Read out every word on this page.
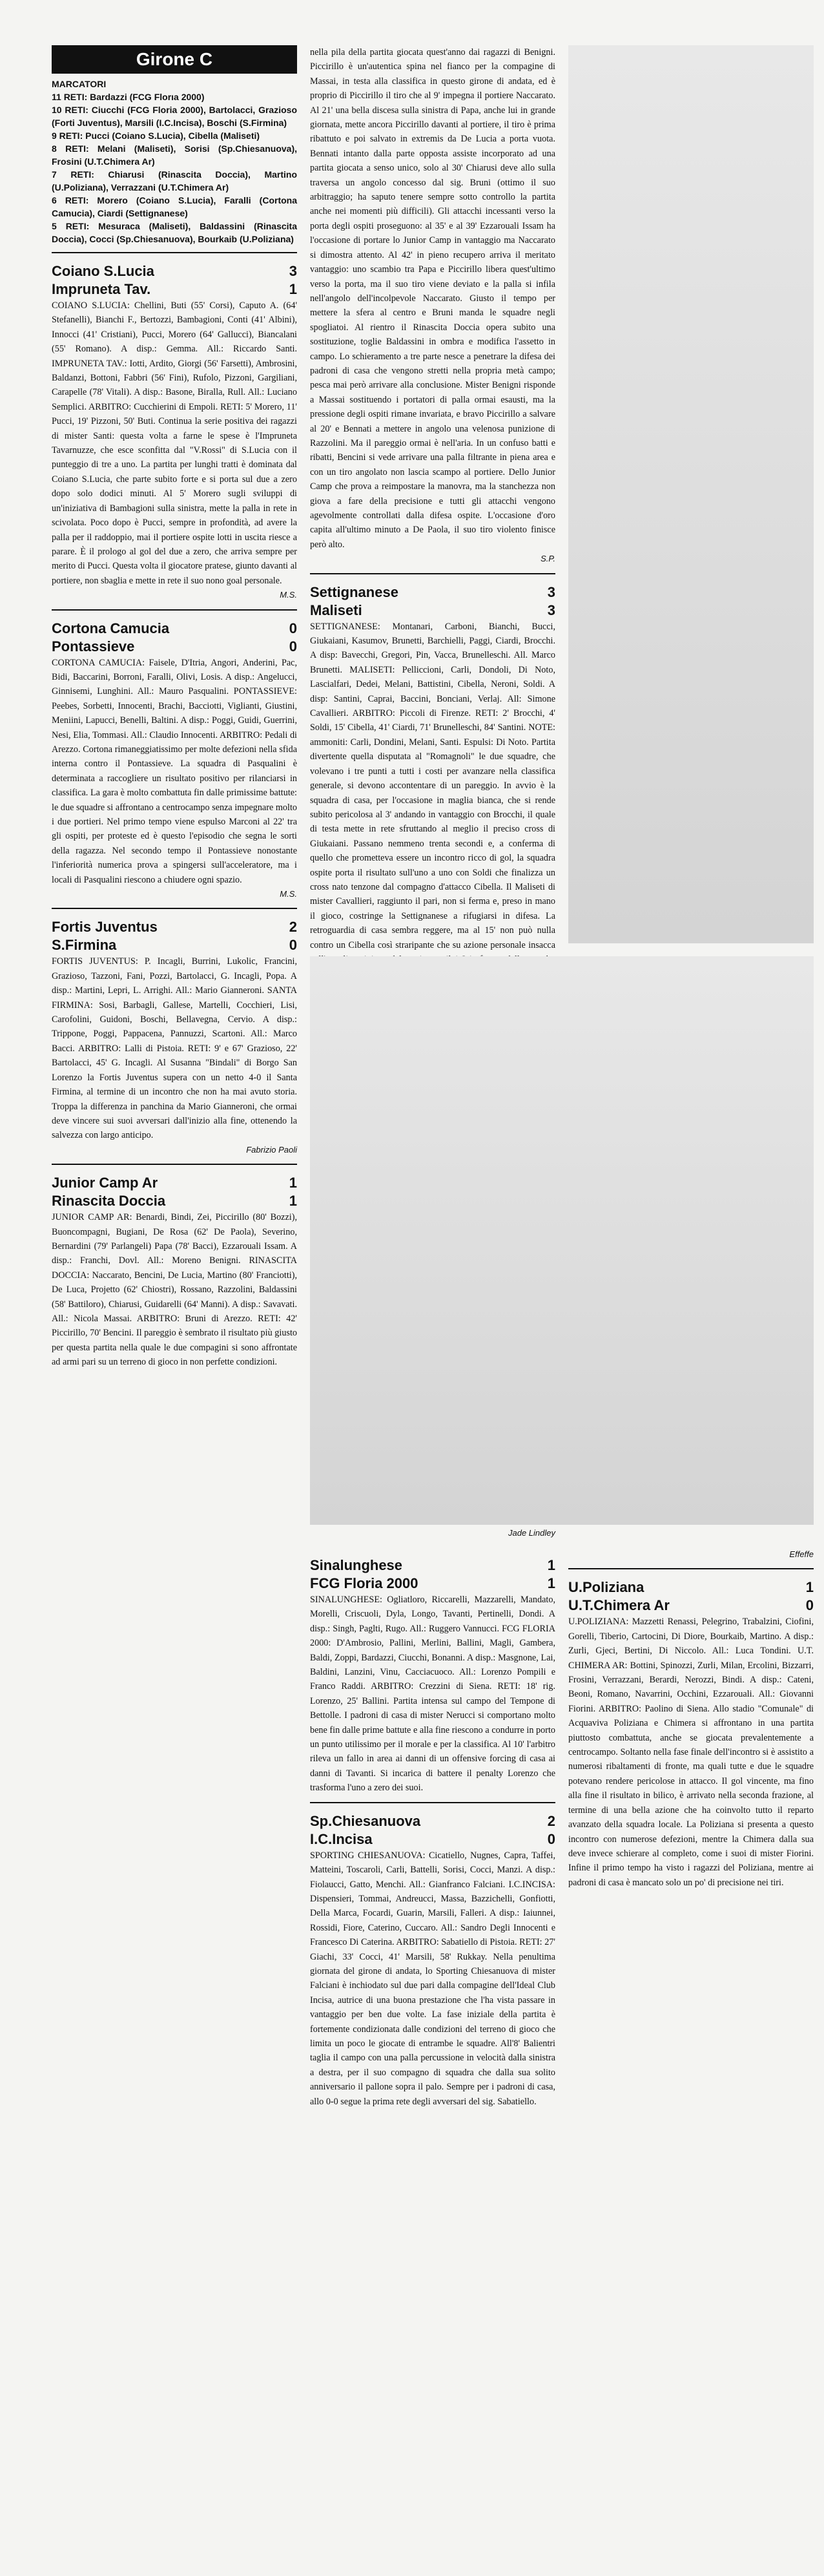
Girone C

MARCATORI

11 RETI: Bardazzi (FCG Florıa 2000)

10 RETI: Ciucchi (FCG Floria 2000), Bartolacci, Grazioso (Forti Juventus), Marsili (I.C.Incisa), Boschi (S.Firmina)

9 RETI: Pucci (Coiano S.Lucia), Cibella (Maliseti)

8 RETI: Melani (Maliseti), Sorisi (Sp.Chiesanuova), Frosini (U.T.Chimera Ar)

7 RETI: Chiarusi (Rinascita Doccia), Martino (U.Poliziana), Verrazzani (U.T.Chimera Ar)

6 RETI: Morero (Coiano S.Lucia), Faralli (Cortona Camucia), Ciardi (Settignanese)

5 RETI: Mesuraca (Maliseti), Baldassini (Rinascita Doccia), Cocci (Sp.Chiesanuova), Bourkaib (U.Poliziana)

Coiano S.Lucia	3
Impruneta Tav.	1

COIANO S.LUCIA: Chellini, Buti (55' Corsi), Caputo A. (64' Stefanelli), Bianchi F., Bertozzi, Bambagioni, Conti (41' Albini), Innocci (41' Cristiani), Pucci, Morero (64' Gallucci), Biancalani (55' Romano). A disp.: Gemma. All.: Riccardo Santi. IMPRUNETA TAV.: Iotti, Ardito, Giorgi (56' Farsetti), Ambrosini, Baldanzi, Bottoni, Fabbri (56' Fini), Rufolo, Pizzoni, Gargiliani, Carapelle (78' Vitali). A disp.: Basone, Biralla, Rull. All.: Luciano Semplici. ARBITRO: Cucchierini di Empoli. RETI: 5' Morero, 11' Pucci, 19' Pizzoni, 50' Buti. Continua la serie positiva dei ragazzi di mister Santi: questa volta a farne le spese è l'Impruneta Tavarnuzze, che esce sconfitta dal "V.Rossi" di S.Lucia con il punteggio di tre a uno. La partita per lunghi tratti è dominata dal Coiano S.Lucia, che parte subito forte e si porta sul due a zero dopo solo dodici minuti. Al 5' Morero sugli sviluppi di un'iniziativa di Bambagioni sulla sinistra, mette la palla in rete in scivolata. Poco dopo è Pucci, sempre in profondità, ad avere la palla per il raddoppio, mai il portiere ospite lotti in uscita riesce a parare. È il prologo al gol del due a zero, che arriva sempre per merito di Pucci. Questa volta il giocatore pratese, giunto davanti al portiere, non sbaglia e mette in rete il suo nono goal personale.

M.S.

Cortona Camucia	0
Pontassieve	0

CORTONA CAMUCIA: Faisele, D'Itria, Angori, Anderini, Pac, Bidi, Baccarini, Borroni, Faralli, Olivi, Losis. A disp.: Angelucci, Ginnisemi, Lunghini. All.: Mauro Pasqualini. PONTASSIEVE: Peebes, Sorbetti, Innocenti, Brachi, Bacciotti, Viglianti, Giustini, Meniini, Lapucci, Benelli, Baltini. A disp.: Poggi, Guidi, Guerrini, Nesi, Elia, Tommasi. All.: Claudio Innocenti. ARBITRO: Pedali di Arezzo. Cortona rimaneggiatissimo per molte defezioni nella sfida interna contro il Pontassieve. La squadra di Pasqualini è determinata a raccogliere un risultato positivo per rilanciarsi in classifica. La gara è molto combattuta fin dalle primissime battute: le due squadre si affrontano a centrocampo senza impegnare molto i due portieri. Nel primo tempo viene espulso Marconi al 22' tra gli ospiti, per proteste ed è questo l'episodio che segna le sorti della ragazza. Nel secondo tempo il Pontassieve nonostante l'inferiorità numerica prova a spingersi sull'acceleratore, ma i locali di Pasqualini riescono a chiudere ogni spazio.

M.S.

Fortis Juventus	2
S.Firmina	0

FORTIS JUVENTUS: P. Incagli, Burrini, Lukolic, Francini, Grazioso, Tazzoni, Fani, Pozzi, Bartolacci, G. Incagli, Popa. A disp.: Martini, Lepri, L. Arrighi. All.: Mario Gianneroni. SANTA FIRMINA: Sosi, Barbagli, Gallese, Martelli, Cocchieri, Lisi, Carofolini, Guidoni, Boschi, Bellavegna, Cervio. A disp.: Trippone, Poggi, Pappacena, Pannuzzi, Scartoni. All.: Marco Bacci. ARBITRO: Lalli di Pistoia. RETI: 9' e 67' Grazioso, 22' Bartolacci, 45' G. Incagli. Al Susanna "Bindali" di Borgo San Lorenzo la Fortis Juventus supera con un netto 4-0 il Santa Firmina, al termine di un incontro che non ha mai avuto storia. Troppa la differenza in panchina da Mario Gianneroni, che ormai deve vincere sui suoi avversari dall'inizio alla fine, ottenendo la salvezza con largo anticipo.

Fabrizio Paoli

Junior Camp Ar	1
Rinascita Doccia	1

JUNIOR CAMP AR: Benardi, Bindi, Zei, Piccirillo (80' Bozzi), Buoncompagni, Bugiani, De Rosa (62' De Paola), Severino, Bernardini (79' Parlangeli) Papa (78' Bacci), Ezzarouali Issam. A disp.: Franchi, Dovl. All.: Moreno Benigni. RINASCITA DOCCIA: Naccarato, Bencini, De Lucia, Martino (80' Franciotti), De Luca, Projetto (62' Chiostri), Rossano, Razzolini, Baldassini (58' Battiloro), Chiarusi, Guidarelli (64' Manni). A disp.: Savavati. All.: Nicola Massai. ARBITRO: Bruni di Arezzo. RETI: 42' Piccirillo, 70' Bencini. Il pareggio è sembrato il risultato più giusto per questa partita nella quale le due compagini si sono affrontate ad armi pari su un terreno di gioco in non perfette condizioni.

nella pila della partita giocata quest'anno dai ragazzi di Benigni. Piccirillo è un'autentica spina nel fianco per la compagine di Massai, in testa alla classifica in questo girone di andata, ed è proprio di Piccirillo il tiro che al 9' impegna il portiere Naccarato. Al 21' una bella discesa sulla sinistra di Papa, anche lui in grande giornata, mette ancora Piccirillo davanti al portiere, il tiro è prima ribattuto e poi salvato in extremis da De Lucia a porta vuota. Bennati intanto dalla parte opposta assiste incorporato ad una partita giocata a senso unico, solo al 30' Chiarusi deve allo sulla traversa un angolo concesso dal sig. Bruni (ottimo il suo arbitraggio; ha saputo tenere sempre sotto controllo la partita anche nei momenti più difficili). Gli attacchi incessanti verso la porta degli ospiti proseguono: al 35' e al 39' Ezzarouali Issam ha l'occasione di portare lo Junior Camp in vantaggio ma Naccarato si dimostra attento. Al 42' in pieno recupero arriva il meritato vantaggio: uno scambio tra Papa e Piccirillo libera quest'ultimo verso la porta, ma il suo tiro viene deviato e la palla si infila nell'angolo dell'incolpevole Naccarato. Giusto il tempo per mettere la sfera al centro e Bruni manda le squadre negli spogliatoi. Al rientro il Rinascita Doccia opera subito una sostituzione, toglie Baldassini in ombra e modifica l'assetto in campo. Lo schieramento a tre parte nesce a penetrare la difesa dei padroni di casa che vengono stretti nella propria metà campo; pesca mai però arrivare alla conclusione. Mister Benigni risponde a Massai sostituendo i portatori di palla ormai esausti, ma la pressione degli ospiti rimane invariata, e bravo Piccirillo a salvare al 20' e Bennati a mettere in angolo una velenosa punizione di Razzolini. Ma il pareggio ormai è nell'aria. In un confuso batti e ribatti, Bencini si vede arrivare una palla filtrante in piena area e con un tiro angolato non lascia scampo al portiere. Dello Junior Camp che prova a reimpostare la manovra, ma la stanchezza non giova a fare della precisione e tutti gli attacchi vengono agevolmente controllati dalla difesa ospite. L'occasione d'oro capita all'ultimo minuto a De Paola, il suo tiro violento finisce però alto.

S.P.

Settignanese	3
Maliseti	3

SETTIGNANESE: Montanari, Carboni, Bianchi, Bucci, Giukaiani, Kasumov, Brunetti, Barchielli, Paggi, Ciardi, Brocchi. A disp: Bavecchi, Gregori, Pin, Vacca, Brunelleschi. All. Marco Brunetti. MALISETI: Pelliccioni, Carli, Dondoli, Di Noto, Lascialfari, Dedei, Melani, Battistini, Cibella, Neroni, Soldi. A disp: Santini, Caprai, Baccini, Bonciani, Verlaj. All: Simone Cavallieri. ARBITRO: Piccoli di Firenze. RETI: 2' Brocchi, 4' Soldi, 15' Cibella, 41' Ciardi, 71' Brunelleschi, 84' Santini. NOTE: ammoniti: Carli, Dondini, Melani, Santi. Espulsi: Di Noto. Partita divertente quella disputata al "Romagnoli" le due squadre, che volevano i tre punti a tutti i costi per avanzare nella classifica generale, si devono accontentare di un pareggio. In avvio è la squadra di casa, per l'occasione in maglia bianca, che si rende subito pericolosa al 3' andando in vantaggio con Brocchi, il quale di testa mette in rete sfruttando al meglio il preciso cross di Giukaiani. Passano nemmeno trenta secondi e, a conferma di quello che prometteva essere un incontro ricco di gol, la squadra ospite porta il risultato sull'uno a uno con Soldi che finalizza un cross nato tenzone dal compagno d'attacco Cibella. Il Maliseti di mister Cavallieri, raggiunto il pari, non si ferma e, preso in mano il gioco, costringe la Settignanese a rifugiarsi in difesa. La retroguardia di casa sembra reggere, ma al 15' non può nulla contro un Cibella così straripante che su azione personale insacca

Jade Lindley

Sinalunghese	1
FCG Floria 2000	1

SINALUNGHESE: Ogliatloro, Riccarelli, Mazzarelli, Mandato, Morelli, Criscuoli, Dyla, Longo, Tavanti, Pertinelli, Dondi. A disp.: Singh, Paglti, Rugo. All.: Ruggero Vannucci. FCG FLORIA 2000: D'Ambrosio, Pallini, Merlini, Ballini, Magli, Gambera, Baldi, Zoppi, Bardazzi, Ciucchi, Bonanni. A disp.: Masgnone, Lai, Baldini, Lanzini, Vinu, Cacciacuoco. All.: Lorenzo Pompili e Franco Raddi. ARBITRO: Crezzini di Siena. RETI: 18' rig. Lorenzo, 25' Ballini. Partita intensa sul campo del Tempone di Bettolle. I padroni di casa di mister Nerucci si comportano molto bene fin dalle prime battute e alla fine riescono a condurre in porto un punto utilissimo per il morale e per la classifica. Al 10' l'arbitro rileva un fallo in area ai danni di un offensive forcing di casa ai danni di Tavanti. Si incarica di battere il penalty Lorenzo che trasforma l'uno a zero dei suoi.

Sp.Chiesanuova	2
I.C.Incisa	0

SPORTING CHIESANUOVA: Cicatiello, Nugnes, Capra, Taffei, Matteini, Toscaroli, Carli, Battelli, Sorisi, Cocci, Manzi. A disp.: Fiolaucci, Gatto, Menchi. All.: Gianfranco Falciani. I.C.INCISA: Dispensieri, Tommai, Andreucci, Massa, Bazzichelli, Gonfiotti, Della Marca, Focardi, Guarin, Marsili, Falleri. A disp.: Iaiunnei, Rossidi, Fiore, Caterino, Cuccaro. All.: Sandro Degli Innocenti e Francesco Di Caterina. ARBITRO: Sabatiello di Pistoia. RETI: 27' Giachi, 33' Cocci, 41' Marsili, 58' Rukkay. Nella penultima giornata del girone di andata, lo Sporting Chiesanuova di mister Falciani è inchiodato sul due pari dalla compagine dell'Ideal Club Incisa, autrice di una buona prestazione che l'ha vista passare in vantaggio per ben due volte. La fase iniziale della partita è fortemente condizionata dalle condizioni del terreno di gioco che limita un poco le giocate di entrambe le squadre. All'8' Balientri taglia il campo con una palla percussione in velocità dalla sinistra a destra, per il suo compagno di squadra che dalla sua solito anniversario il pallone sopra il palo. Sempre per i padroni di casa, allo 0-0 segue la prima rete degli avversari del sig. Sabatiello.

Effeffe

U.Poliziana	1
U.T.Chimera Ar	0

U.POLIZIANA: Mazzetti Renassi, Pelegrino, Trabalzini, Ciofini, Gorelli, Tiberio, Cartocini, Di Diore, Bourkaib, Martino. A disp.: Zurli, Gjeci, Bertini, Di Niccolo. All.: Luca Tondini. U.T. CHIMERA AR: Bottini, Spinozzi, Zurli, Milan, Ercolini, Bizzarri, Frosini, Verrazzani, Berardi, Nerozzi, Bindi. A disp.: Cateni, Beoni, Romano, Navarrini, Occhini, Ezzarouali. All.: Giovanni Fiorini. ARBITRO: Paolino di Siena. Allo stadio "Comunale" di Acquaviva Poliziana e Chimera si affrontano in una partita piuttosto combattuta, anche se giocata prevalentemente a centrocampo. Soltanto nella fase finale dell'incontro si è assistito a numerosi ribaltamenti di fronte, ma quali tutte e due le squadre potevano rendere pericolose in attacco. Il gol vincente, ma fino alla fine il risultato in bilico, è arrivato nella seconda frazione, al termine di una bella azione che ha coinvolto tutto il reparto avanzato della squadra locale. La Poliziana si presenta a questo incontro con numerose defezioni, mentre la Chimera dalla sua deve invece schierare al completo, come i suoi di mister Fiorini. Infine il primo tempo ha visto i ragazzi del Poliziana, mentre ai padroni di casa è mancato solo un po' di precisione nei tiri.
